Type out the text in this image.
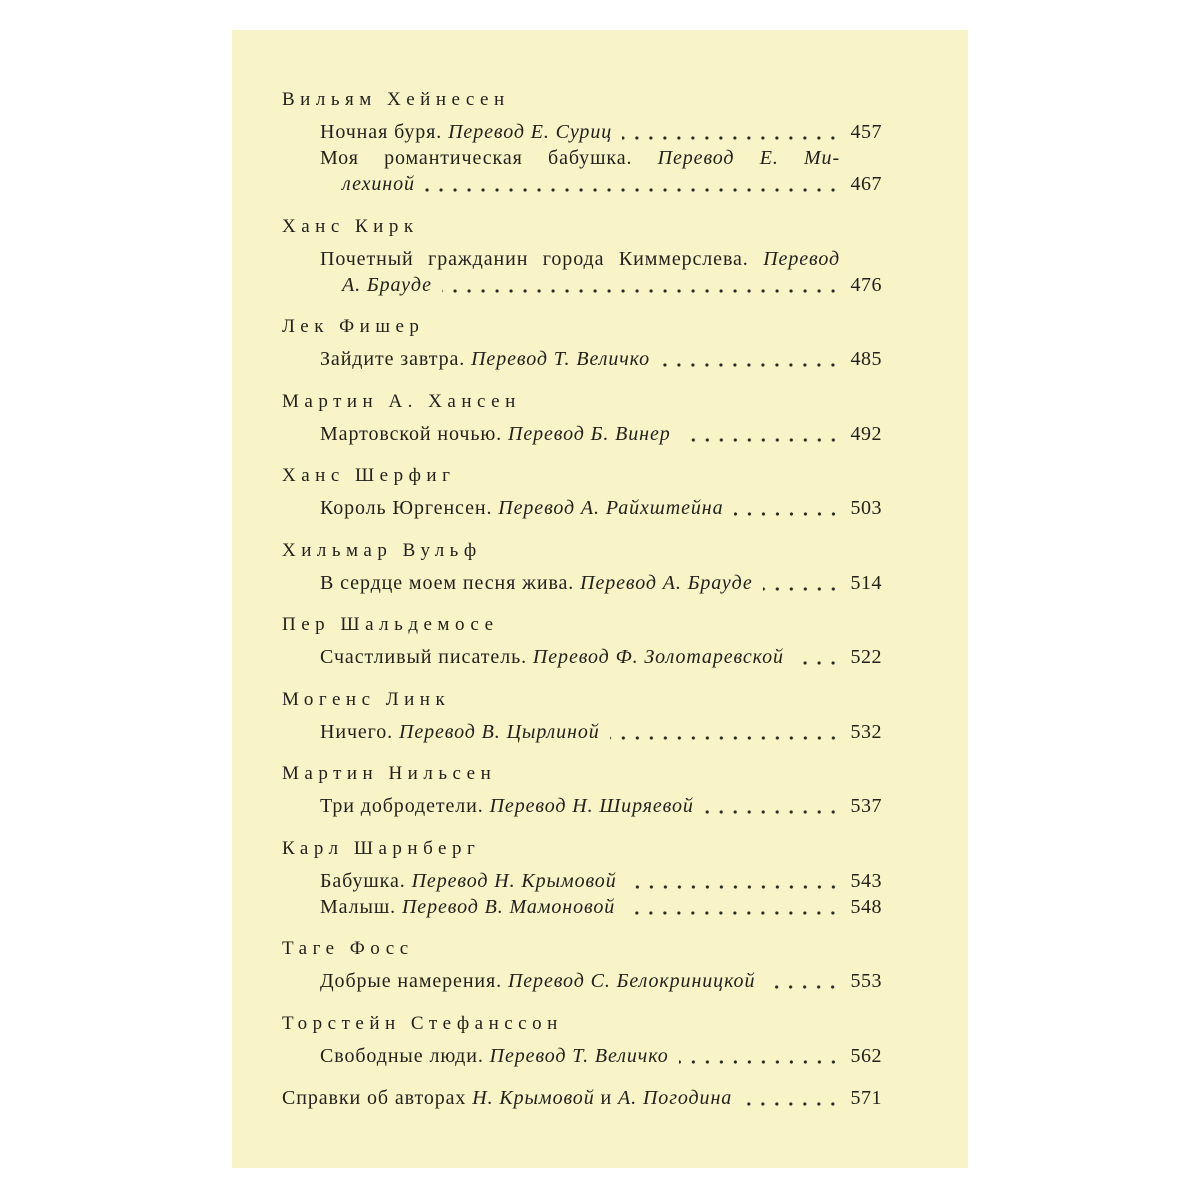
Вильям Хейнесен
Ночная буря. Перевод Е. Суриц	457
Моя романтическая бабушка. Перевод Е. Ми-
лехиной	467
Ханс Кирк
Почетный гражданин города Киммерслева. Перевод
А. Брауде	476
Лек Фишер
Зайдите завтра. Перевод Т. Величко	485
Мартин А. Хансен
Мартовской ночью. Перевод Б. Винер	492
Ханс Шерфиг
Король Юргенсен. Перевод А. Райхштейна	503
Хильмар Вульф
В сердце моем песня жива. Перевод А. Брауде	514
Пер Шальдемосе
Счастливый писатель. Перевод Ф. Золотаревской	522
Могенс Линк
Ничего. Перевод В. Цырлиной	532
Мартин Нильсен
Три добродетели. Перевод Н. Ширяевой	537
Карл Шарнберг
Бабушка. Перевод Н. Крымовой	543
Малыш. Перевод В. Мамоновой	548
Таге Фосс
Добрые намерения. Перевод С. Белокриницкой	553
Торстейн Стефанссон
Свободные люди. Перевод Т. Величко	562
Справки об авторах Н. Крымовой и А. Погодина	571
